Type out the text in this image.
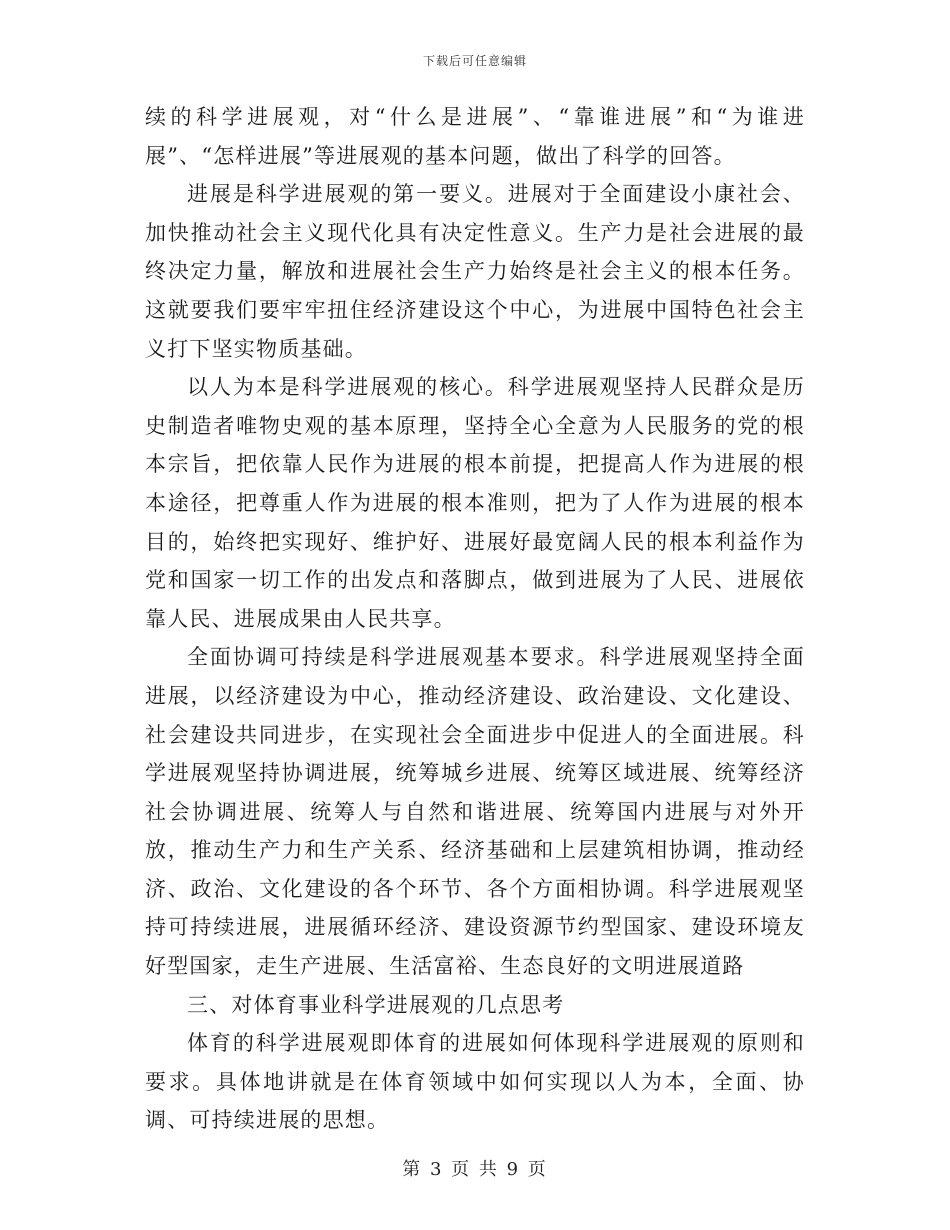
下载后可任意编辑

续的科学进展观，对“什么是进展”、“靠谁进展”和“为谁进展”、“怎样进展”等进展观的基本问题，做出了科学的回答。

进展是科学进展观的第一要义。进展对于全面建设小康社会、加快推动社会主义现代化具有决定性意义。生产力是社会进展的最终决定力量，解放和进展社会生产力始终是社会主义的根本任务。这就要我们要牢牢扭住经济建设这个中心，为进展中国特色社会主义打下坚实物质基础。

以人为本是科学进展观的核心。科学进展观坚持人民群众是历史制造者唯物史观的基本原理，坚持全心全意为人民服务的党的根本宗旨，把依靠人民作为进展的根本前提，把提高人作为进展的根本途径，把尊重人作为进展的根本准则，把为了人作为进展的根本目的，始终把实现好、维护好、进展好最宽阔人民的根本利益作为党和国家一切工作的出发点和落脚点，做到进展为了人民、进展依靠人民、进展成果由人民共享。

全面协调可持续是科学进展观基本要求。科学进展观坚持全面进展，以经济建设为中心，推动经济建设、政治建设、文化建设、社会建设共同进步，在实现社会全面进步中促进人的全面进展。科学进展观坚持协调进展，统筹城乡进展、统筹区域进展、统筹经济社会协调进展、统筹人与自然和谐进展、统筹国内进展与对外开放，推动生产力和生产关系、经济基础和上层建筑相协调，推动经济、政治、文化建设的各个环节、各个方面相协调。科学进展观坚持可持续进展，进展循环经济、建设资源节约型国家、建设环境友好型国家，走生产进展、生活富裕、生态良好的文明进展道路

三、对体育事业科学进展观的几点思考

体育的科学进展观即体育的进展如何体现科学进展观的原则和要求。具体地讲就是在体育领域中如何实现以人为本，全面、协调、可持续进展的思想。

第 3 页 共 9 页
